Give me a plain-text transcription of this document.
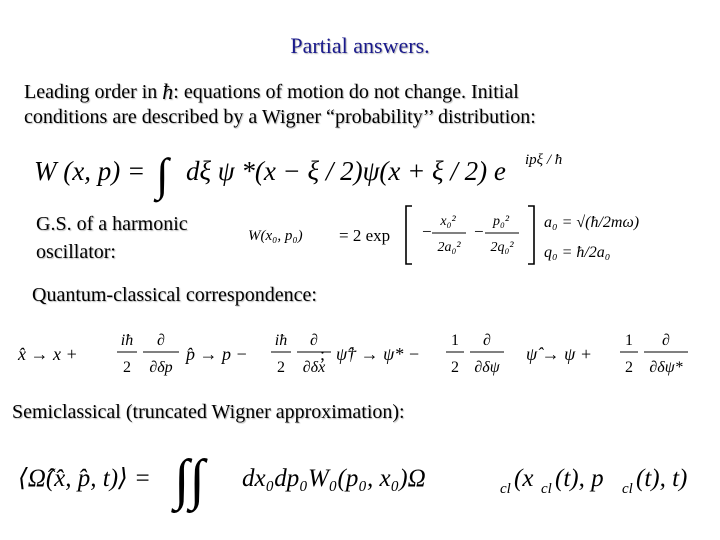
Partial answers.
Leading order in ħ: equations of motion do not change. Initial
conditions are described by a Wigner “probability’’ distribution:
W (x, p) = ∫ dξ ψ *(x − ξ / 2)ψ(x + ξ / 2) e ipξ / ħ
G.S. of a harmonic
oscillator:
W(x₀, p₀) = 2 exp −
x₀²
2a₀²
−
p₀²
2q₀²
a₀ = √(ħ/2mω)
q₀ = ħ/2a₀
Quantum-classical correspondence:
x̂ → x +
iħ
2
∂
∂δp
p̂ → p −
iħ
2
∂
∂δx
; ψ̂† → ψ* −
1
2
∂
∂δψ
ψ̂ → ψ +
1
2
∂
∂δψ*
Semiclassical (truncated Wigner approximation):
⟨Ω̂(x̂, p̂, t)⟩ = ∫∫ dx₀dp₀W₀(p₀, x₀)Ω	cl (x cl (t), p cl (t), t)
